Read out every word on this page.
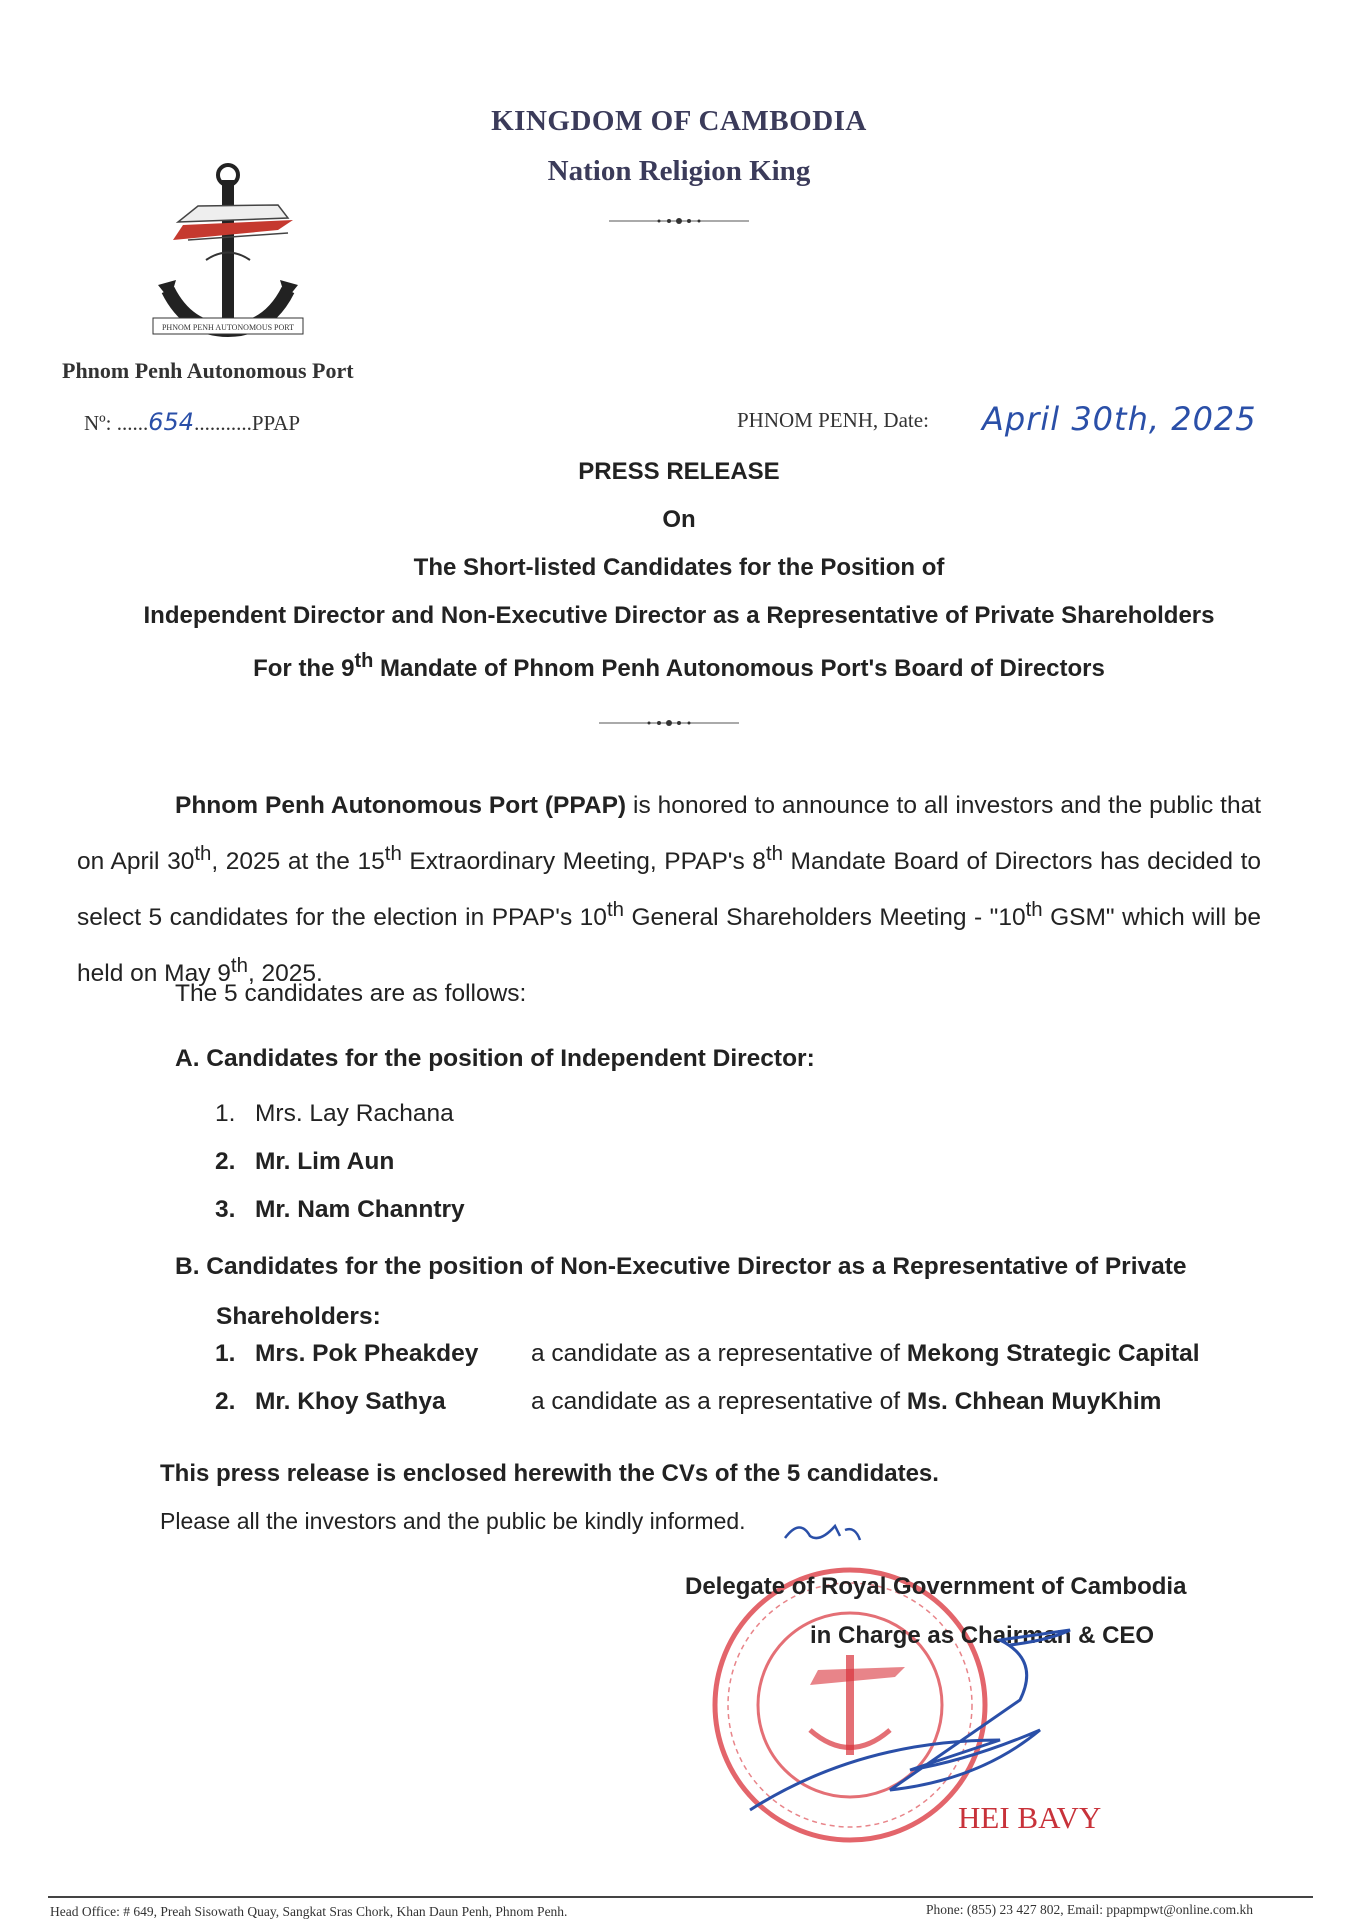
KINGDOM OF CAMBODIA
Nation Religion King
PHNOM PENH AUTONOMOUS PORT
Phnom Penh Autonomous Port
Nº: ......654...........PPAP	PHNOM PENH, Date: April 30th, 2025
PRESS RELEASE
On
The Short-listed Candidates for the Position of
Independent Director and Non-Executive Director as a Representative of Private Shareholders
For the 9th Mandate of Phnom Penh Autonomous Port's Board of Directors
Phnom Penh Autonomous Port (PPAP) is honored to announce to all investors and the public that on April 30th, 2025 at the 15th Extraordinary Meeting, PPAP's 8th Mandate Board of Directors has decided to select 5 candidates for the election in PPAP's 10th General Shareholders Meeting - "10th GSM" which will be held on May 9th, 2025.
The 5 candidates are as follows:
A. Candidates for the position of Independent Director:
1. Mrs. Lay Rachana
2. Mr. Lim Aun
3. Mr. Nam Channtry
B. Candidates for the position of Non-Executive Director as a Representative of Private
Shareholders:
1. Mrs. Pok Pheakdey a candidate as a representative of Mekong Strategic Capital
2. Mr. Khoy Sathya	a candidate as a representative of Ms. Chhean MuyKhim
This press release is enclosed herewith the CVs of the 5 candidates.
Please all the investors and the public be kindly informed.
Delegate of Royal Government of Cambodia
in Charge as Chairman & CEO
HEI BAVY
Head Office: # 649, Preah Sisowath Quay, Sangkat Sras Chork, Khan Daun Penh, Phnom Penh.	Phone: (855) 23 427 802, Email: ppapmpwt@online.com.kh
